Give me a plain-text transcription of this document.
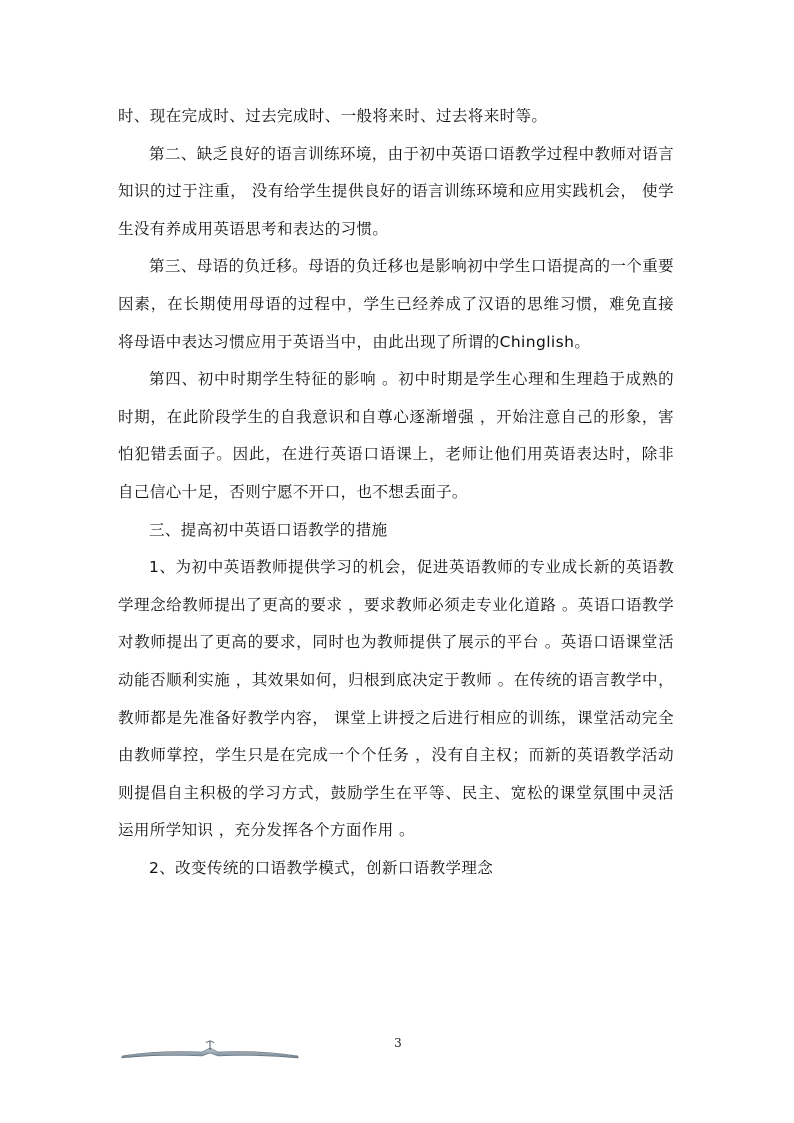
时、现在完成时、过去完成时、一般将来时、过去将来时等。

第二、缺乏良好的语言训练环境，由于初中英语口语教学过程中教师对语言知识的过于注重， 没有给学生提供良好的语言训练环境和应用实践机会， 使学生没有养成用英语思考和表达的习惯。

第三、母语的负迁移。母语的负迁移也是影响初中学生口语提高的一个重要因素，在长期使用母语的过程中，学生已经养成了汉语的思维习惯，难免直接将母语中表达习惯应用于英语当中，由此出现了所谓的Chinglish。

第四、初中时期学生特征的影响 。初中时期是学生心理和生理趋于成熟的时期，在此阶段学生的自我意识和自尊心逐渐增强 ，开始注意自己的形象，害怕犯错丢面子。因此，在进行英语口语课上，老师让他们用英语表达时，除非自己信心十足，否则宁愿不开口，也不想丢面子。

三、提高初中英语口语教学的措施

1、为初中英语教师提供学习的机会，促进英语教师的专业成长新的英语教学理念给教师提出了更高的要求 ，要求教师必须走专业化道路 。英语口语教学对教师提出了更高的要求，同时也为教师提供了展示的平台 。英语口语课堂活动能否顺利实施 ，其效果如何，归根到底决定于教师 。在传统的语言教学中，教师都是先准备好教学内容， 课堂上讲授之后进行相应的训练，课堂活动完全由教师掌控，学生只是在完成一个个任务 ，没有自主权；而新的英语教学活动则提倡自主积极的学习方式，鼓励学生在平等、民主、宽松的课堂氛围中灵活运用所学知识 ，充分发挥各个方面作用 。

2、改变传统的口语教学模式，创新口语教学理念

3
